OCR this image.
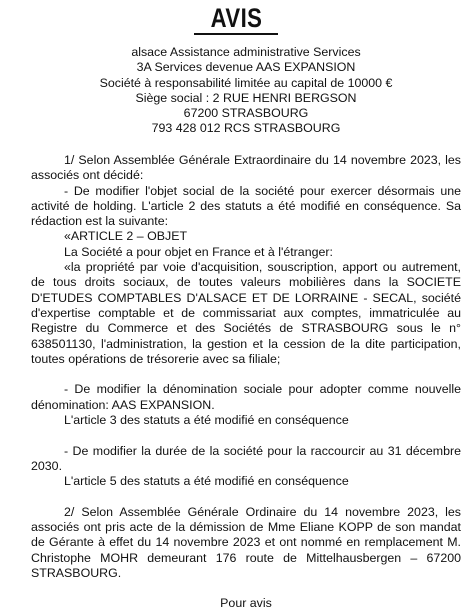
AVIS
alsace Assistance administrative Services
3A Services devenue AAS EXPANSION
Société à responsabilité limitée au capital de 10000 €
Siège social : 2 RUE HENRI BERGSON
67200 STRASBOURG
793 428 012 RCS STRASBOURG

1/ Selon Assemblée Générale Extraordinaire du 14 novembre 2023, les associés ont décidé:

- De modifier l'objet social de la société pour exercer désormais une activité de holding. L'article 2 des statuts a été modifié en conséquence. Sa rédaction est la suivante:

«ARTICLE 2 – OBJET

La Société a pour objet en France et à l'étranger:

«la propriété par voie d'acquisition, souscription, apport ou autrement, de tous droits sociaux, de toutes valeurs mobilières dans la SOCIETE D'ETUDES COMPTABLES D'ALSACE ET DE LORRAINE - SECAL, société d'expertise comptable et de commissariat aux comptes, immatriculée au Registre du Commerce et des Sociétés de STRASBOURG sous le n° 638501130, l'administration, la gestion et la cession de la dite participation, toutes opérations de trésorerie avec sa filiale;

- De modifier la dénomination sociale pour adopter comme nouvelle dénomination: AAS EXPANSION.

L'article 3 des statuts a été modifié en conséquence

- De modifier la durée de la société pour la raccourcir au 31 décembre 2030.

L'article 5 des statuts a été modifié en conséquence

2/ Selon Assemblée Générale Ordinaire du 14 novembre 2023, les associés ont pris acte de la démission de Mme Eliane KOPP de son mandat de Gérante à effet du 14 novembre 2023 et ont nommé en remplacement M. Christophe MOHR demeurant 176 route de Mittelhausbergen – 67200 STRASBOURG.

Pour avis
